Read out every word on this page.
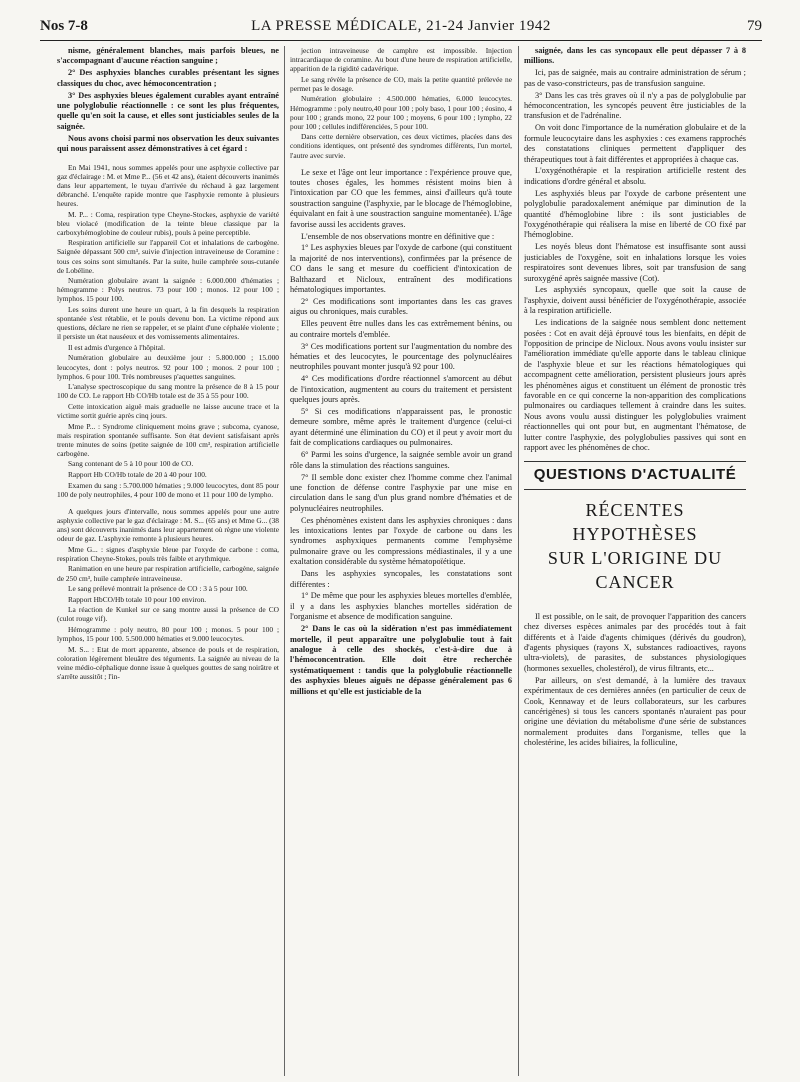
Nos 7-8	LA PRESSE MÉDICALE, 21-24 Janvier 1942	79

nisme, généralement blanches, mais parfois bleues, ne s'accompagnant d'aucune réaction sanguine ;

2° Des asphyxies blanches curables présentant les signes classiques du choc, avec hémoconcentration ;

3° Des asphyxies bleues également curables ayant entraîné une polyglobulie réactionnelle : ce sont les plus fréquentes, quelle qu'en soit la cause, et elles sont justiciables seules de la saignée.

Nous avons choisi parmi nos observation les deux suivantes qui nous paraissent assez démonstratives à cet égard :

En Mai 1941, nous sommes appelés pour une asphyxie collective par gaz d'éclairage : M. et Mme P... (56 et 42 ans), étaient découverts inanimés dans leur appartement, le tuyau d'arrivée du réchaud à gaz largement débranché. L'enquête rapide montre que l'asphyxie remonte à plusieurs heures.

M. P... : Coma, respiration type Cheyne-Stockes, asphyxie de variété bleu violacé (modification de la teinte bleue classique par la carboxyhémoglobine de couleur rubis), pouls à peine perceptible.

Respiration artificielle sur l'appareil Cot et inhalations de carbogène. Saignée dépassant 500 cm³, suivie d'injection intraveineuse de Coramine : tous ces soins sont simultanés. Par la suite, huile camphrée sous-cutanée de Lobéline.

Numération globulaire avant la saignée : 6.000.000 d'hématies ; hémogramme : Polys neutros. 73 pour 100 ; monos. 12 pour 100 ; lymphos. 15 pour 100.

Les soins durent une heure un quart, à la fin desquels la respiration spontanée s'est rétablie, et le pouls devenu bon. La victime répond aux questions, déclare ne rien se rappeler, et se plaint d'une céphalée violente ; il persiste un état nauséeux et des vomissements alimentaires.

Il est admis d'urgence à l'hôpital.

Numération globulaire au deuxième jour : 5.800.000 ; 15.000 leucocytes, dont : polys neutros. 92 pour 100 ; monos. 2 pour 100 ; lymphos. 6 pour 100. Très nombreuses p'aquettes sanguines.

L'analyse spectroscopique du sang montre la présence de 8 à 15 pour 100 de CO. Le rapport Hb CO/Hb totale est de 35 à 55 pour 100.

Cette intoxication aiguë mais graduelle ne laisse aucune trace et la victime sortit guérie après cinq jours.

Mme P... : Syndrome cliniquement moins grave ; subcoma, cyanose, mais respiration spontanée suffisante. Son état devient satisfaisant après trente minutes de soins (petite saignée de 100 cm³, respiration artificielle carbogène.

Sang contenant de 5 à 10 pour 100 de CO.

Rapport Hb CO/Hb totale de 20 à 40 pour 100.

Examen du sang : 5.700.000 hématies ; 9.000 leucocytes, dont 85 pour 100 de poly neutrophiles, 4 pour 100 de mono et 11 pour 100 de lympho.

A quelques jours d'intervalle, nous sommes appelés pour une autre asphyxie collective par le gaz d'éclairage : M. S... (65 ans) et Mme G... (38 ans) sont découverts inanimés dans leur appartement où règne une violente odeur de gaz. L'asphyxie remonte à plusieurs heures.

Mme G... : signes d'asphyxie bleue par l'oxyde de carbone : coma, respiration Cheyne-Stokes, pouls très faible et arythmique.

Ranimation en une heure par respiration artificielle, carbogène, saignée de 250 cm³, huile camphrée intraveineuse.

Le sang prélevé montrait la présence de CO : 3 à 5 pour 100.

Rapport HbCO/Hb totale 10 pour 100 environ.

La réaction de Kunkel sur ce sang montre aussi la présence de CO (culot rouge vif).

Hémogramme : poly neutro, 80 pour 100 ; monos. 5 pour 100 ; lymphos, 15 pour 100. 5.500.000 hématies et 9.000 leucocytes.

M. S... : Etat de mort apparente, absence de pouls et de respiration, coloration légèrement bleuâtre des téguments. La saignée au niveau de la veine médio-céphalique donne issue à quelques gouttes de sang noirâtre et s'arrête aussitôt ; l'in-

jection intraveineuse de camphre est impossible. Injection intracardiaque de coramine. Au bout d'une heure de respiration artificielle, apparition de la rigidité cadavérique.

Le sang révèle la présence de CO, mais la petite quantité prélevée ne permet pas le dosage.

Numération globulaire : 4.500.000 hématies, 6.000 leucocytes. Hémogramme : poly neutro,40 pour 100 ; poly baso, 1 pour 100 ; éosino, 4 pour 100 ; grands mono, 22 pour 100 ; moyens, 6 pour 100 ; lympho, 22 pour 100 ; cellules indifférenciées, 5 pour 100.

Dans cette dernière observation, ces deux victimes, placées dans des conditions identiques, ont présenté des syndromes différents, l'un mortel, l'autre avec survie.

Le sexe et l'âge ont leur importance : l'expérience prouve que, toutes choses égales, les hommes résistent moins bien à l'intoxication par CO que les femmes, ainsi d'ailleurs qu'à toute soustraction sanguine (l'asphyxie, par le blocage de l'hémoglobine, équivalant en fait à une soustraction sanguine momentanée). L'âge favorise aussi les accidents graves.

L'ensemble de nos observations montre en définitive que :

1° Les asphyxies bleues par l'oxyde de carbone (qui constituent la majorité de nos interventions), confirmées par la présence de CO dans le sang et mesure du coefficient d'intoxication de Balthazard et Nicloux, entraînent des modifications hématologiques importantes.

2° Ces modifications sont importantes dans les cas graves aigus ou chroniques, mais curables.

Elles peuvent être nulles dans les cas extrêmement bénins, ou au contraire mortels d'emblée.

3° Ces modifications portent sur l'augmentation du nombre des hématies et des leucocytes, le pourcentage des polynucléaires neutrophiles pouvant monter jusqu'à 92 pour 100.

4° Ces modifications d'ordre réactionnel s'amorcent au début de l'intoxication, augmentent au cours du traitement et persistent quelques jours après.

5° Si ces modifications n'apparaissent pas, le pronostic demeure sombre, même après le traitement d'urgence (celui-ci ayant déterminé une élimination du CO) et il peut y avoir mort du fait de complications cardiaques ou pulmonaires.

6° Parmi les soins d'urgence, la saignée semble avoir un grand rôle dans la stimulation des réactions sanguines.

7° Il semble donc exister chez l'homme comme chez l'animal une fonction de défense contre l'asphyxie par une mise en circulation dans le sang d'un plus grand nombre d'hématies et de polynucléaires neutrophiles.

Ces phénomènes existent dans les asphyxies chroniques : dans les intoxications lentes par l'oxyde de carbone ou dans les syndromes asphyxiques permanents comme l'emphysème pulmonaire grave ou les compressions médiastinales, il y a une exaltation considérable du système hématopoïétique.

Dans les asphyxies syncopales, les constatations sont différentes :

1° De même que pour les asphyxies bleues mortelles d'emblée, il y a dans les asphyxies blanches mortelles sidération de l'organisme et absence de modification sanguine.

2° Dans le cas où la sidération n'est pas immédiatement mortelle, il peut apparaître une polyglobulie tout à fait analogue à celle des shockés, c'est-à-dire due à l'hémoconcentration. Elle doit être recherchée systématiquement : tandis que la polyglobulie réactionnelle des asphyxies bleues aiguës ne dépasse généralement pas 6 millions et qu'elle est justiciable de la

saignée, dans les cas syncopaux elle peut dépasser 7 à 8 millions.

Ici, pas de saignée, mais au contraire administration de sérum ; pas de vaso-constricteurs, pas de transfusion sanguine.

3° Dans les cas très graves où il n'y a pas de polyglobulie par hémoconcentration, les syncopés peuvent être justiciables de la transfusion et de l'adrénaline.

On voit donc l'importance de la numération globulaire et de la formule leucocytaire dans les asphyxies : ces examens rapprochés des constatations cliniques permettent d'appliquer des thérapeutiques tout à fait différentes et appropriées à chaque cas.

L'oxygénothérapie et la respiration artificielle restent des indications d'ordre général et absolu.

Les asphyxiés bleus par l'oxyde de carbone présentent une polyglobulie paradoxalement anémique par diminution de la quantité d'hémoglobine libre : ils sont justiciables de l'oxygénothérapie qui réalisera la mise en liberté de CO fixé par l'hémoglobine.

Les noyés bleus dont l'hématose est insuffisante sont aussi justiciables de l'oxygène, soit en inhalations lorsque les voies respiratoires sont devenues libres, soit par transfusion de sang suroxygéné après saignée massive (Cot).

Les asphyxiés syncopaux, quelle que soit la cause de l'asphyxie, doivent aussi bénéficier de l'oxygénothérapie, associée à la respiration artificielle.

Les indications de la saignée nous semblent donc nettement posées : Cot en avait déjà éprouvé tous les bienfaits, en dépit de l'opposition de principe de Nicloux. Nous avons voulu insister sur l'amélioration immédiate qu'elle apporte dans le tableau clinique de l'asphyxie bleue et sur les réactions hématologiques qui accompagnent cette amélioration, persistent plusieurs jours après les phénomènes aigus et constituent un élément de pronostic très favorable en ce qui concerne la non-apparition des complications pulmonaires ou cardiaques tellement à craindre dans les suites. Nous avons voulu aussi distinguer les polyglobulies vraiment réactionnelles qui ont pour but, en augmentant l'hématose, de lutter contre l'asphyxie, des polyglobulies passives qui sont en rapport avec les phénomènes de choc.

QUESTIONS D'ACTUALITÉ
RÉCENTES HYPOTHÈSES
SUR L'ORIGINE DU CANCER

Il est possible, on le sait, de provoquer l'apparition des cancers chez diverses espèces animales par des procédés tout à fait différents et à l'aide d'agents chimiques (dérivés du goudron), d'agents physiques (rayons X, substances radioactives, rayons ultra-violets), de parasites, de substances physiologiques (hormones sexuelles, cholestérol), de virus filtrants, etc...

Par ailleurs, on s'est demandé, à la lumière des travaux expérimentaux de ces dernières années (en particulier de ceux de Cook, Kennaway et de leurs collaborateurs, sur les carbures cancérigènes) si tous les cancers spontanés n'auraient pas pour origine une déviation du métabolisme d'une série de substances normalement produites dans l'organisme, telles que la cholestérine, les acides biliaires, la folliculine,
